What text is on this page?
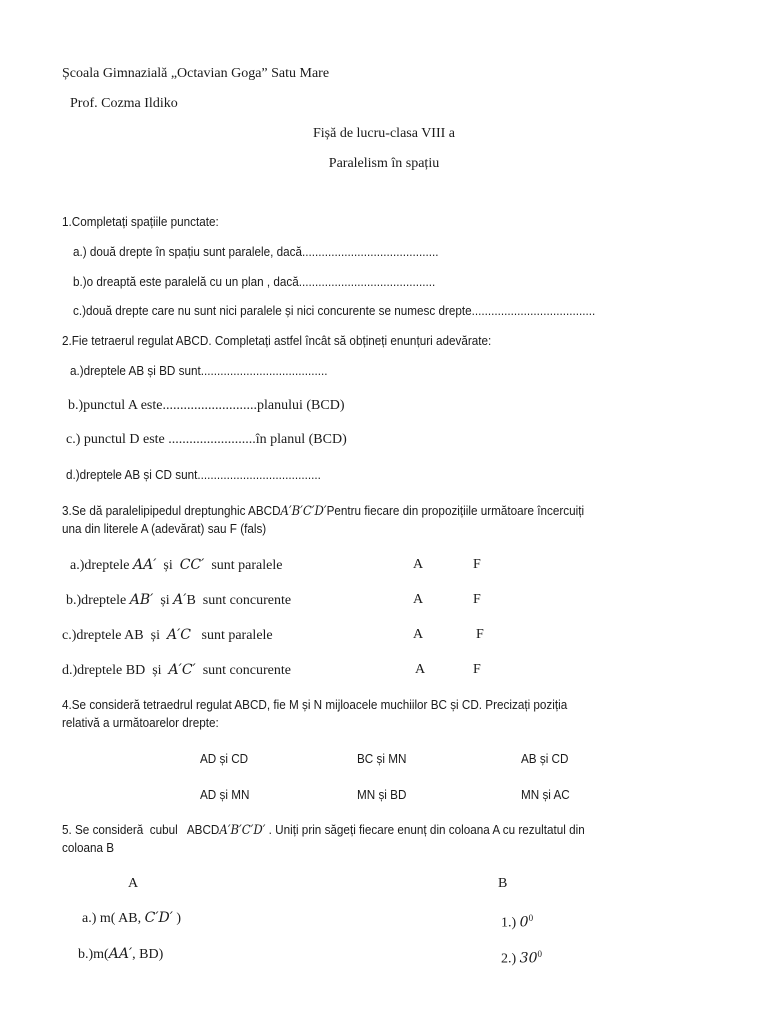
Școala Gimnazială „Octavian Goga” Satu Mare
Prof. Cozma Ildiko
Fișă de lucru-clasa VIII a
Paralelism în spațiu
1.Completați spațiile punctate:
a.) două drepte în spațiu sunt paralele, dacă..........................................
b.)o dreaptă este paralelă cu un plan , dacă..........................................
c.)două drepte care nu sunt nici paralele și nici concurente se numesc drepte......................................
2.Fie tetraerul regulat ABCD. Completați astfel încât să obțineți enunțuri adevărate:
a.)dreptele AB și BD sunt.......................................
b.)punctul A este...........................planului (BCD)
c.) punctul D este .........................în planul (BCD)
d.)dreptele AB și CD sunt......................................
3.Se dă paralelipipedul dreptunghic ABCDA′B′C′D′Pentru fiecare din propozițiile următoare încercuiți
una din literele A (adevărat) sau F (fals)
a.)dreptele AA′  și  CC′  sunt paralele	A	F
b.)dreptele AB′  și A′B  sunt concurente	A	F
c.)dreptele AB  și  A′C   sunt paralele	A	F
d.)dreptele BD  și  A′C′  sunt concurente	A	F
4.Se consideră tetraedrul regulat ABCD, fie M și N mijloacele muchiilor BC și CD. Precizați poziția
relativă a următoarelor drepte:
AD și CD	BC și MN	AB și CD
AD și MN	MN și BD	MN și AC
5. Se consideră  cubul   ABCDA′B′C′D′ . Uniți prin săgeți fiecare enunț din coloana A cu rezultatul din
coloana B
A	B
a.) m( AB, C′D′ )	1.) $0^0$
b.)m(AA′, BD)	2.) $30^0$
